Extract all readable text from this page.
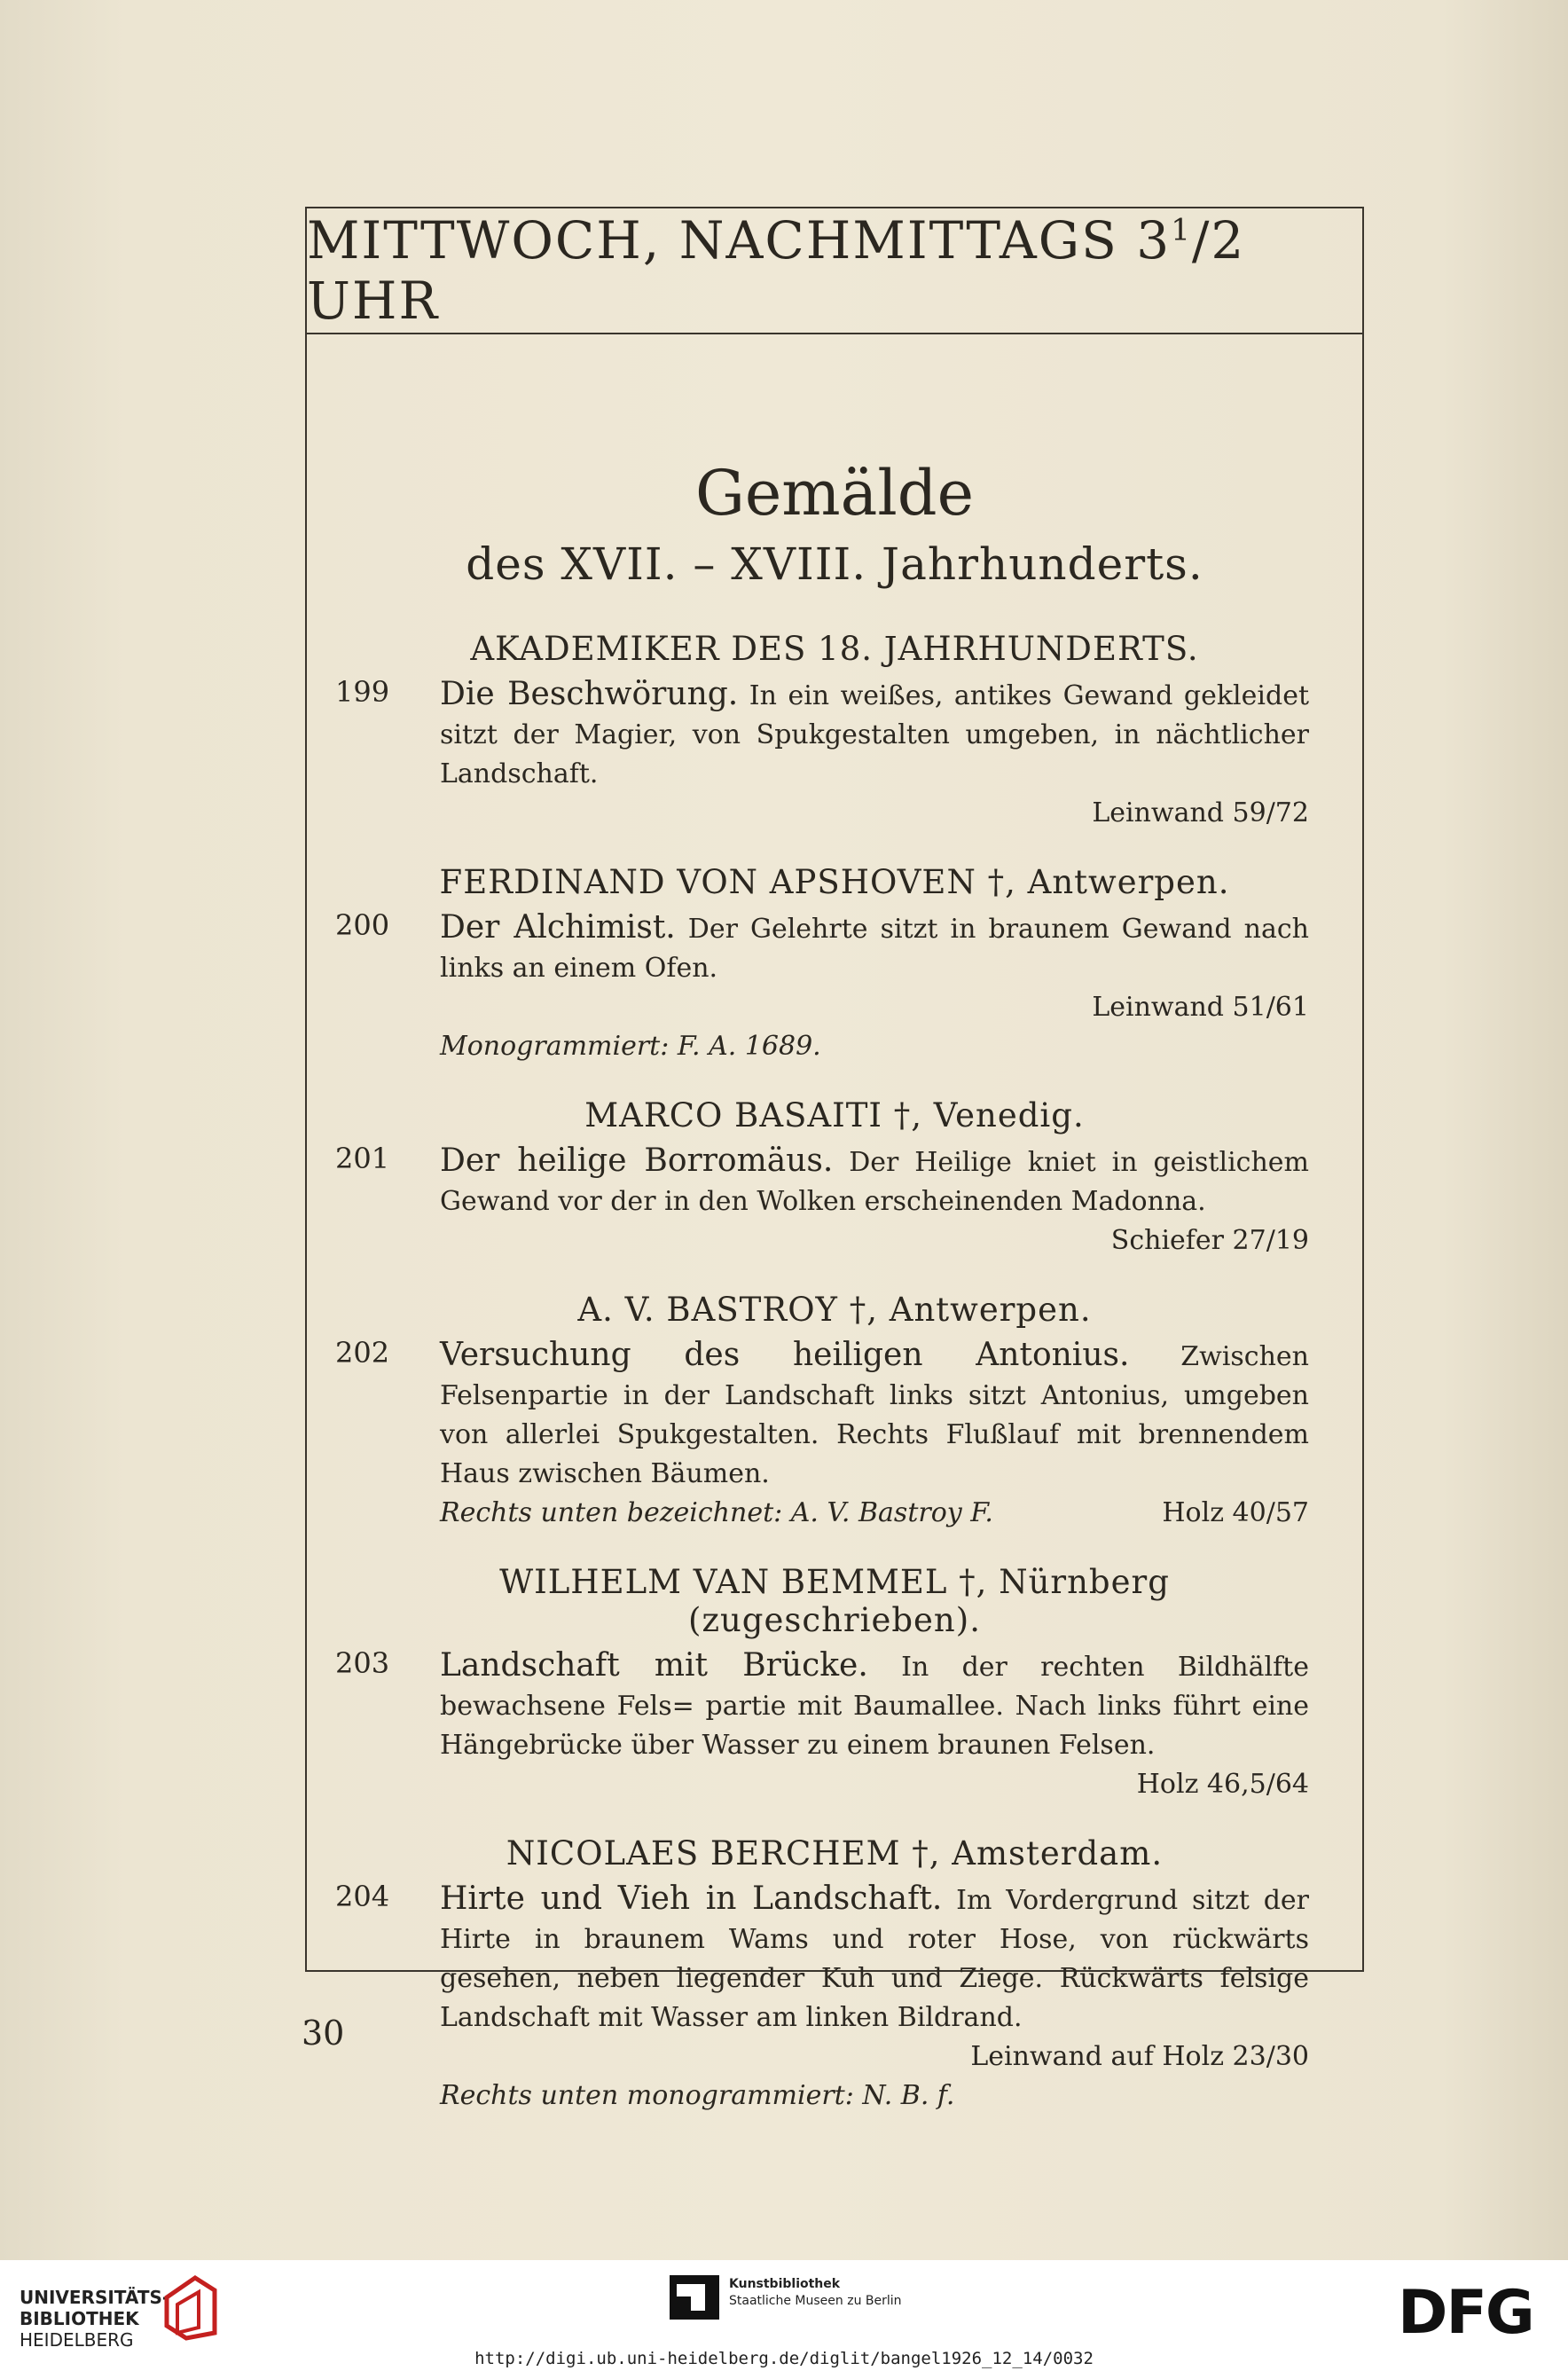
MITTWOCH, NACHMITTAGS $3^1/2$ UHR
Gemälde
des XVII. – XVIII. Jahrhunderts.
AKADEMIKER DES 18. JAHRHUNDERTS.
199 Die Beschwörung. In ein weißes, antikes Gewand gekleidet sitzt der Magier, von Spukgestalten umgeben, in nächtlicher Landschaft.
Leinwand 59/72
FERDINAND VON APSHOVEN †, Antwerpen.
200 Der Alchimist. Der Gelehrte sitzt in braunem Gewand nach links an einem Ofen.
Leinwand 51/61
Monogrammiert: F. A. 1689.
MARCO BASAITI †, Venedig.
201 Der heilige Borromäus. Der Heilige kniet in geistlichem Gewand vor der in den Wolken erscheinenden Madonna.
Schiefer 27/19
A. V. BASTROY †, Antwerpen.
202 Versuchung des heiligen Antonius. Zwischen Felsenpartie in der Landschaft links sitzt Antonius, umgeben von allerlei Spukgestalten. Rechts Flußlauf mit brennendem Haus zwischen Bäumen.
Rechts unten bezeichnet: A. V. Bastroy F.	Holz 40/57
WILHELM VAN BEMMEL †, Nürnberg (zugeschrieben).
203 Landschaft mit Brücke. In der rechten Bildhälfte bewachsene Fels= partie mit Baumallee. Nach links führt eine Hängebrücke über Wasser zu einem braunen Felsen.
Holz 46,5/64
NICOLAES BERCHEM †, Amsterdam.
204 Hirte und Vieh in Landschaft. Im Vordergrund sitzt der Hirte in braunem Wams und roter Hose, von rückwärts gesehen, neben liegender Kuh und Ziege. Rückwärts felsige Landschaft mit Wasser am linken Bildrand.
Leinwand auf Holz 23/30
Rechts unten monogrammiert: N. B. f.
30
UNIVERSITÄTS-
BIBLIOTHEK
HEIDELBERG
Kunstbibliothek
Staatliche Museen zu Berlin	DFG
http://digi.ub.uni-heidelberg.de/diglit/bangel1926_12_14/0032
